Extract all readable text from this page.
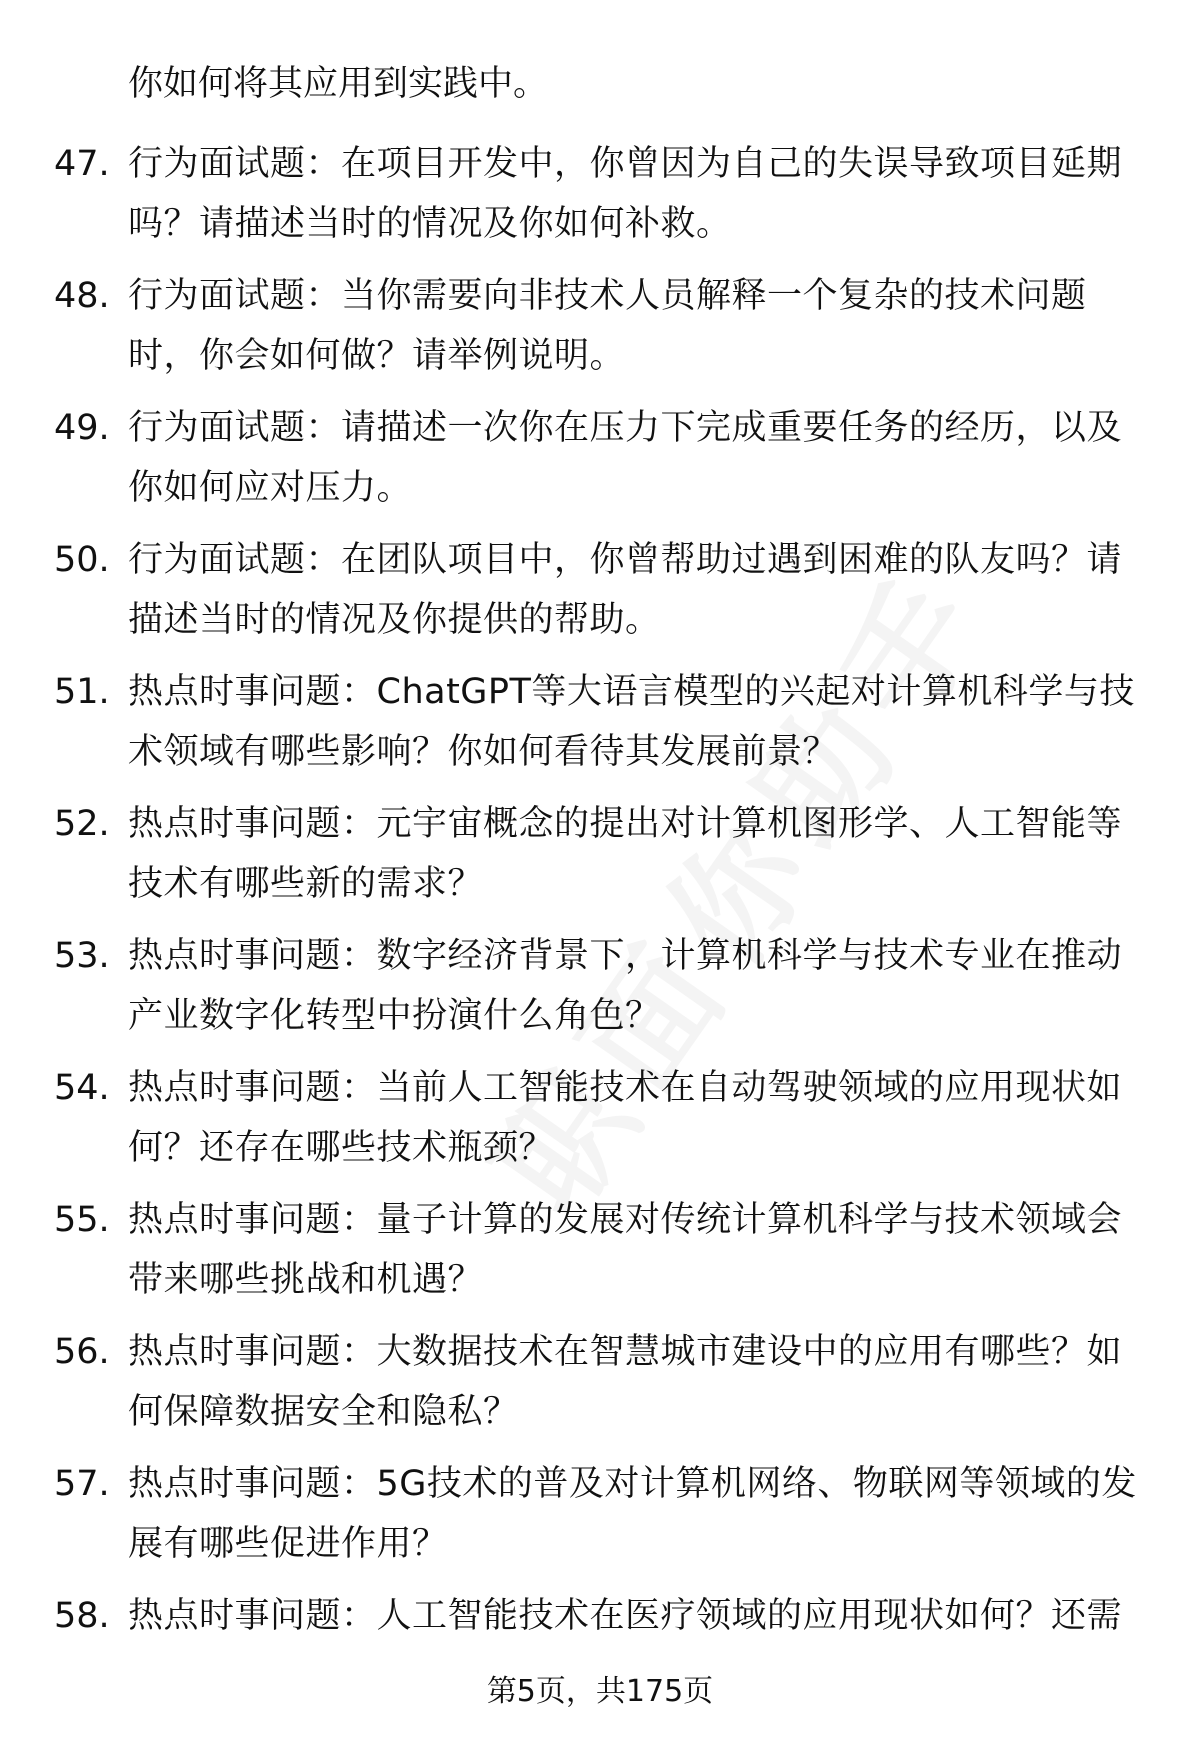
你如何将其应用到实践中。
47. 行为面试题：在项目开发中，你曾因为自己的失误导致项目延期吗？请描述当时的情况及你如何补救。
48. 行为面试题：当你需要向非技术人员解释一个复杂的技术问题时，你会如何做？请举例说明。
49. 行为面试题：请描述一次你在压力下完成重要任务的经历，以及你如何应对压力。
50. 行为面试题：在团队项目中，你曾帮助过遇到困难的队友吗？请描述当时的情况及你提供的帮助。
51. 热点时事问题：ChatGPT等大语言模型的兴起对计算机科学与技术领域有哪些影响？你如何看待其发展前景？
52. 热点时事问题：元宇宙概念的提出对计算机图形学、人工智能等技术有哪些新的需求？
53. 热点时事问题：数字经济背景下，计算机科学与技术专业在推动产业数字化转型中扮演什么角色？
54. 热点时事问题：当前人工智能技术在自动驾驶领域的应用现状如何？还存在哪些技术瓶颈？
55. 热点时事问题：量子计算的发展对传统计算机科学与技术领域会带来哪些挑战和机遇？
56. 热点时事问题：大数据技术在智慧城市建设中的应用有哪些？如何保障数据安全和隐私？
57. 热点时事问题：5G技术的普及对计算机网络、物联网等领域的发展有哪些促进作用？
58. 热点时事问题：人工智能技术在医疗领域的应用现状如何？还需
第5页，共175页
